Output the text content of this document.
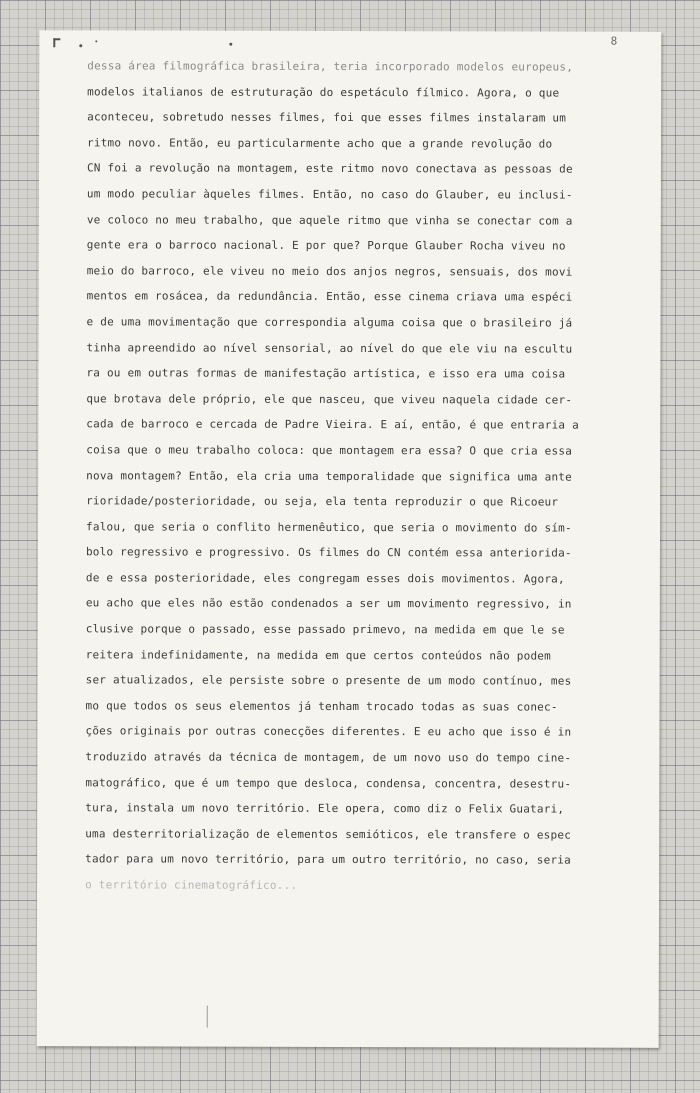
8
dessa área filmográfica brasileira, teria incorporado modelos europeus,
modelos italianos de estruturação do espetáculo fílmico. Agora, o que
aconteceu, sobretudo nesses filmes, foi que esses filmes instalaram um
ritmo novo. Então, eu particularmente acho que a grande revolução do
CN foi a revolução na montagem, este ritmo novo conectava as pessoas de
um modo peculiar àqueles filmes. Então, no caso do Glauber, eu inclusi-
ve coloco no meu trabalho, que aquele ritmo que vinha se conectar com a
gente era o barroco nacional. E por que? Porque Glauber Rocha viveu no
meio do barroco, ele viveu no meio dos anjos negros, sensuais, dos movi
mentos em rosácea, da redundância. Então, esse cinema criava uma espéci
e de uma movimentação que correspondia alguma coisa que o brasileiro já
tinha apreendido ao nível sensorial, ao nível do que ele viu na escultu
ra ou em outras formas de manifestação artística, e isso era uma coisa
que brotava dele próprio, ele que nasceu, que viveu naquela cidade cer-
cada de barroco e cercada de Padre Vieira. E aí, então, é que entraria a
coisa que o meu trabalho coloca: que montagem era essa? O que cria essa
nova montagem? Então, ela cria uma temporalidade que significa uma ante
rioridade/posterioridade, ou seja, ela tenta reproduzir o que Ricoeur
falou, que seria o conflito hermenêutico, que seria o movimento do sím-
bolo regressivo e progressivo. Os filmes do CN contém essa anteriorida-
de e essa posterioridade, eles congregam esses dois movimentos. Agora,
eu acho que eles não estão condenados a ser um movimento regressivo, in
clusive porque o passado, esse passado primevo, na medida em que le se
reitera indefinidamente, na medida em que certos conteúdos não podem
ser atualizados, ele persiste sobre o presente de um modo contínuo, mes
mo que todos os seus elementos já tenham trocado todas as suas conec-
ções originais por outras conecções diferentes. E eu acho que isso é in
troduzido através da técnica de montagem, de um novo uso do tempo cine-
matográfico, que é um tempo que desloca, condensa, concentra, desestru-
tura, instala um novo território. Ele opera, como diz o Felix Guatari,
uma desterritorialização de elementos semióticos, ele transfere o espec
tador para um novo território, para um outro território, no caso, seria
o território cinematográfico...
